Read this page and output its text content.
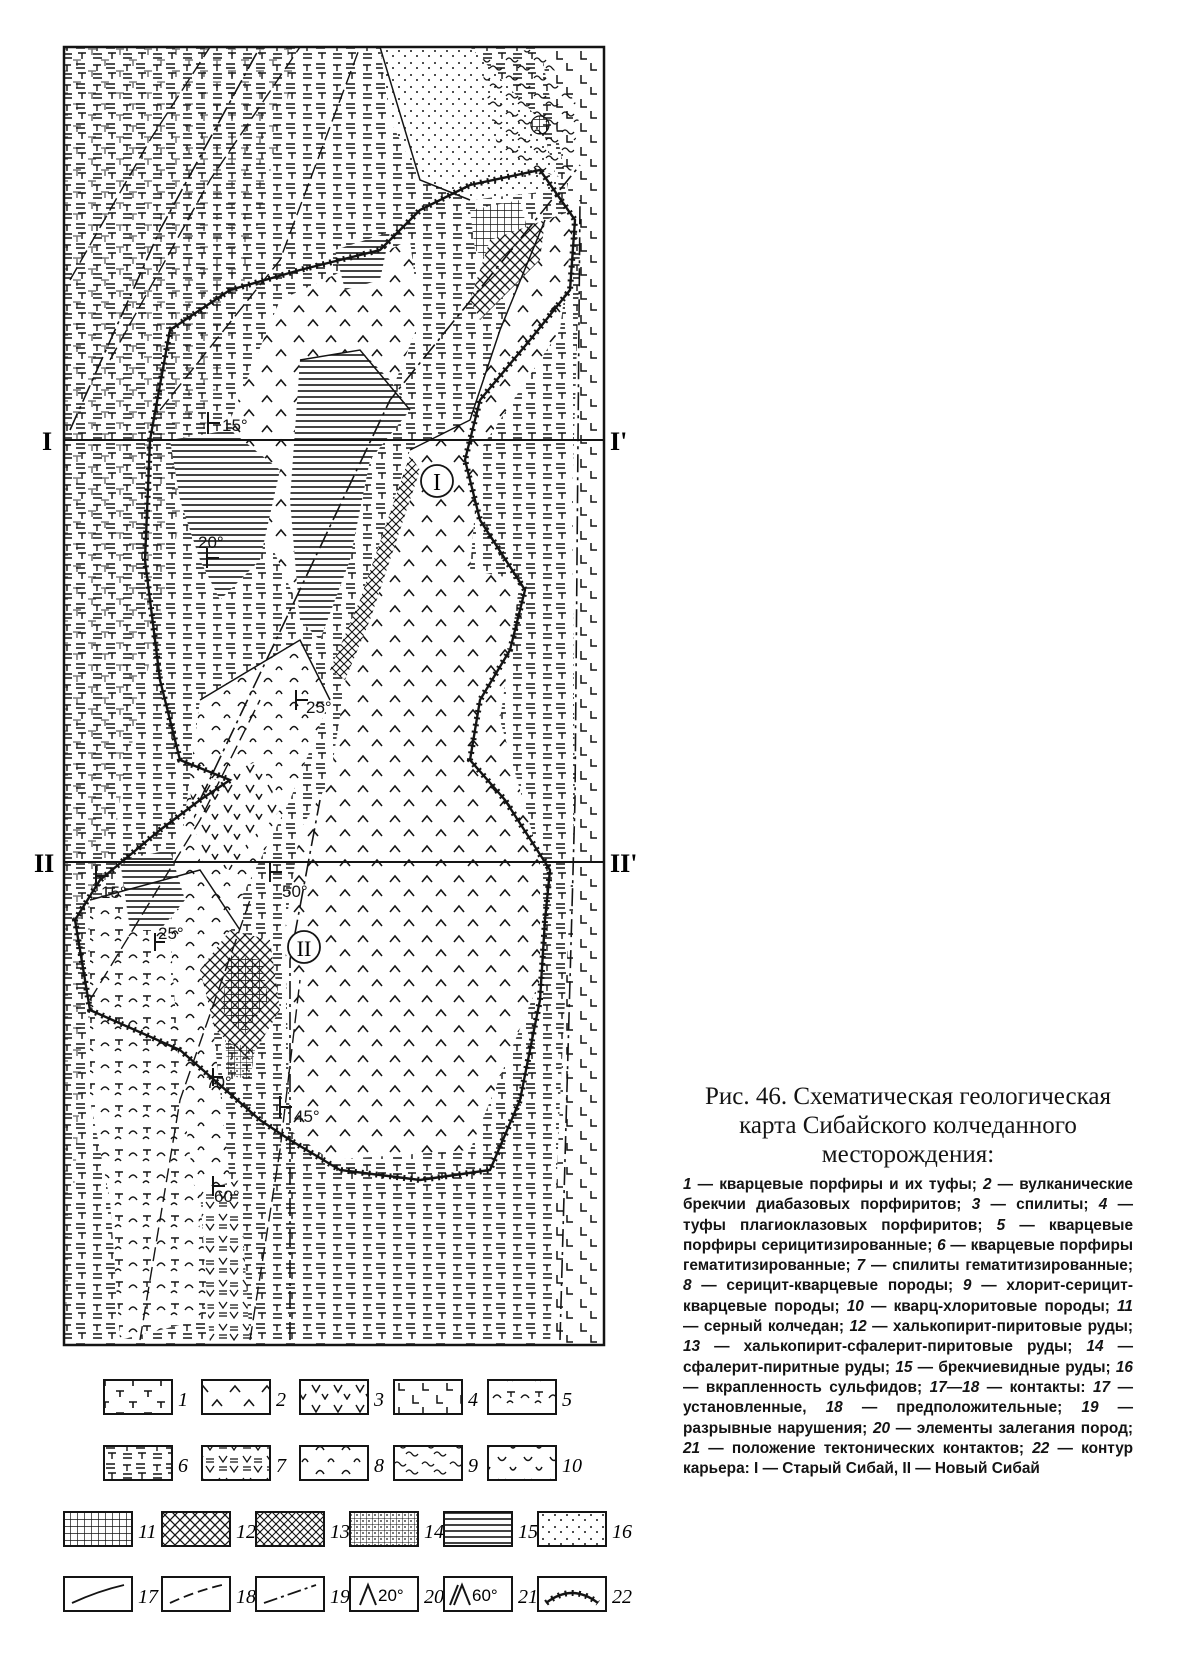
I	I'
II	II'
I
II
15°
20°
25°
15°
25°
50°
70°
45°
60°
1	2	3	4	5
6	7	8	9	10
11	12	13	14	15	16
17	18	19 20° 20 60° 21	22

Рис. 46. Схематическая геологическая карта Сибайского колчеданного месторождения:

1 — кварцевые порфиры и их туфы; 2 — вулканические брекчии диабазовых порфиритов; 3 — спилиты; 4 — туфы плагиоклазовых порфиритов; 5 — кварцевые порфиры серицитизированные; 6 — кварцевые порфиры гематитизированные; 7 — спилиты гематитизированные; 8 — серицит-кварцевые породы; 9 — хлорит-серицит-кварцевые породы; 10 — кварц-хлоритовые породы; 11 — серный колчедан; 12 — халькопирит-пиритовые руды; 13 — халькопирит-сфалерит-пиритовые руды; 14 — сфалерит-пиритные руды; 15 — брекчиевидные руды; 16 — вкрапленность сульфидов; 17—18 — контакты: 17 — установленные, 18 — предположительные; 19 — разрывные нарушения; 20 — элементы залегания пород; 21 — положение тектонических контактов; 22 — контур карьера: I — Старый Сибай, II — Новый Сибай
